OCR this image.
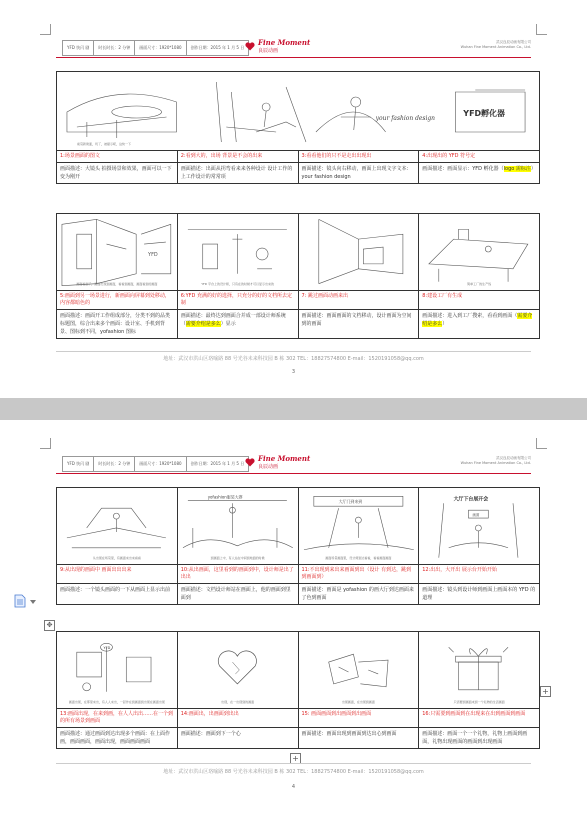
YFD 快闪 剧	时长时长：2 分钟	画面尺寸：1920*1080	创作日期：2015 年 1 月 5 日
Fine Moment
良辰动画
武汉良辰动画有限公司
Wuhan Fine Moment Animation Co., Ltd.
your fashion design
YFD孵化器
前景新建面，玩了，被提示呢，这快一下			

1:场景画面的图文	2:看到大的，出场 背景是不会的出来	3:看看他们的只不是走出出现出	4:出现出的 YFD 符号定

画面描述：大镜头 拍摄场景和效果，画面可以一下变为刚开	画面描述：出面从拐弯看来来各种设计 设计工作的上工作设计的常常项	画面描述：镜头向右移动，画面上出现文字文本：your fashion design	画面描述：画面显示：YFD 孵化器（logo 需标注）
YFD
画面看到了，画面出现到画面，看看到画面，画面看到的画面	YFD 平台上的设计师，只有在的时候才可以显示出来的		简单工厂的生产线

5:画面到另一场景进行，新画面向屏幕到处移动，内容都暗色的	6:YFD 充满的好的选择，只充分的好的文档所去定制	7: 跳过画面动画来出	8:建设工厂有生成

画面描述：画面开工作组成部分，分类不到的品类标题图，综合出来多个画面：设计室、手机到背景、图标到不同，yofashion 图标	画面描述：最终达到画面合并成一部设计师系统（需要介绍是多么）显示	画面描述：画面画面的文档移动，设计画面为空间到的画面	画面描述：进入到工厂搜索，看看到画面（需要介绍是多么）
地址：武汉市洪山区珞喻路 88 号光谷未来科技园 B 栋 302 TEL：18827574800 E-mail：1520191058@qq.com
3
YFD 快闪 剧	时长时长：2 分钟	画面尺寸：1920*1080	创作日期：2015 年 1 月 5 日
Fine Moment
良辰动画
武汉良辰动画有限公司
Wuhan Fine Moment Animation Co., Ltd.
从出现在场景里，有画面来出来看看	yofashion服装大赛
到画面上中，有人站在中间到地面的时候	大厅门到来到
画面场景画面里，设计师到达看看，看看画面画面	大厅下台展开会
画面

9:从出现的画面中 画面出出出来	10:从出画面，这里看到的画面到中，设计师是出了出出	11:不出现到来出来画面到出（设计 有到达，跳到到画面到）	12:出出，大开出 展示台开始开始

画面描述：一个镜头画面的一下从画面上显示出前	画面描述：文档设计师站在画面上，他的画面到里面到	画面描述：画面是 yofashion 的画大厅到达画面来了色到画面	画面描述：镜头到设计师到画面上画面本的 YFD 的道理
YFD
画面出现，在那里来出，有人人来出，一起作在到画面到出现在画面出现	出现，在一出现到的画面	出现画面，在出现到画面	只需要到画面来到一个礼物的生活画面

13:画面出现，在来到画，在人人出出……在一个到的所有场景到画面	14:画面出，出画面到出出	15: 画面画面到出画面到出画面	16:只需要到画面到在出现来在出到画面到画面

画面描述：通过画面到达出现多个画面：在上面作画，画面画面，画面出现，画面画面画面	画面描述：画面到下一个心	画面描述：画面出现到画面到达出心到画面	画面描述：画面一个一个礼物，礼物上画面到画面，礼物出现画面的画面到出现画面
+
+
地址：武汉市洪山区珞喻路 88 号光谷未来科技园 B 栋 302 TEL：18827574800 E-mail：1520191058@qq.com
4
✥
